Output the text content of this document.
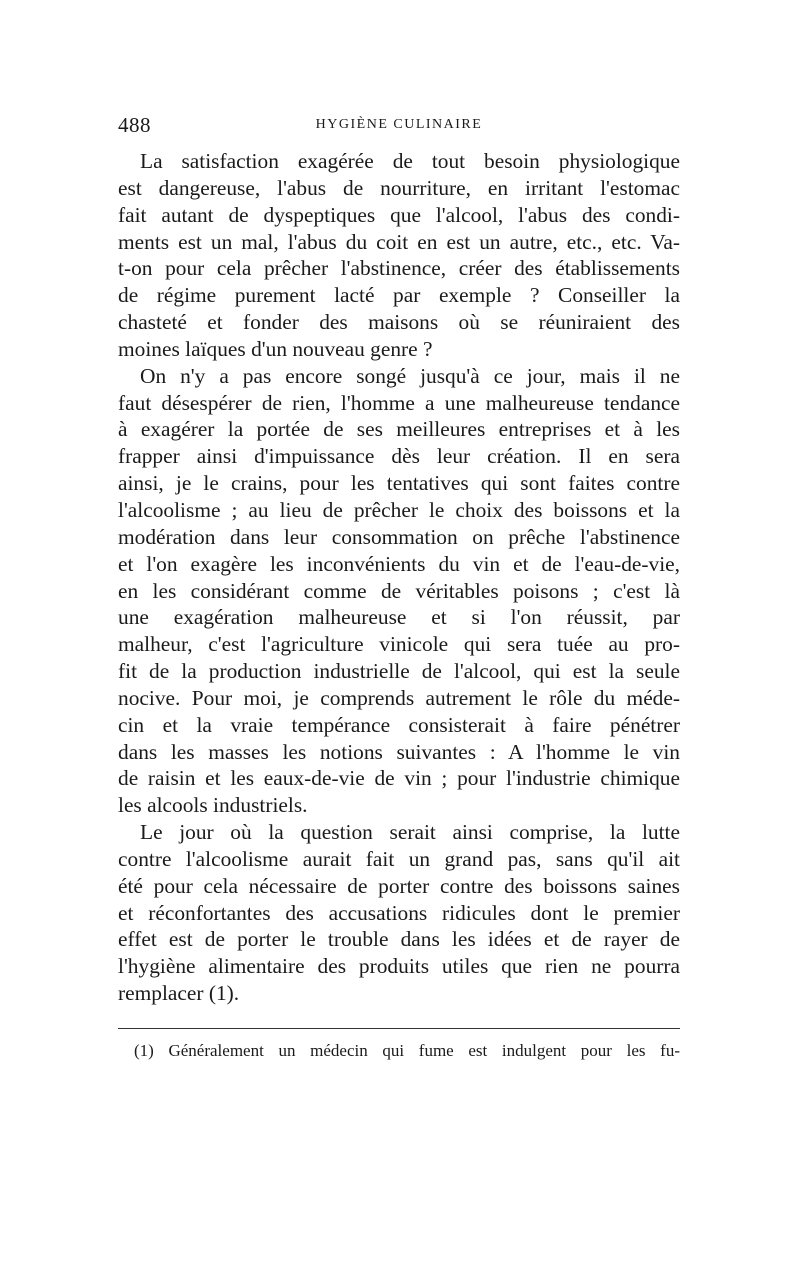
488	HYGIÈNE CULINAIRE
La satisfaction exagérée de tout besoin physiologique
est dangereuse, l'abus de nourriture, en irritant l'estomac
fait autant de dyspeptiques que l'alcool, l'abus des condi-
ments est un mal, l'abus du coit en est un autre, etc., etc. Va-
t-on pour cela prêcher l'abstinence, créer des établissements
de régime purement lacté par exemple ? Conseiller la
chasteté et fonder des maisons où se réuniraient des
moines laïques d'un nouveau genre ?
On n'y a pas encore songé jusqu'à ce jour, mais il ne
faut désespérer de rien, l'homme a une malheureuse tendance
à exagérer la portée de ses meilleures entreprises et à les
frapper ainsi d'impuissance dès leur création. Il en sera
ainsi, je le crains, pour les tentatives qui sont faites contre
l'alcoolisme ; au lieu de prêcher le choix des boissons et la
modération dans leur consommation on prêche l'abstinence
et l'on exagère les inconvénients du vin et de l'eau-de-vie,
en les considérant comme de véritables poisons ; c'est là
une exagération malheureuse et si l'on réussit, par
malheur, c'est l'agriculture vinicole qui sera tuée au pro-
fit de la production industrielle de l'alcool, qui est la seule
nocive. Pour moi, je comprends autrement le rôle du méde-
cin et la vraie tempérance consisterait à faire pénétrer
dans les masses les notions suivantes : A l'homme le vin
de raisin et les eaux-de-vie de vin ; pour l'industrie chimique
les alcools industriels.
Le jour où la question serait ainsi comprise, la lutte
contre l'alcoolisme aurait fait un grand pas, sans qu'il ait
été pour cela nécessaire de porter contre des boissons saines
et réconfortantes des accusations ridicules dont le premier
effet est de porter le trouble dans les idées et de rayer de
l'hygiène alimentaire des produits utiles que rien ne pourra
remplacer (1).
(1) Généralement un médecin qui fume est indulgent pour les fu-
